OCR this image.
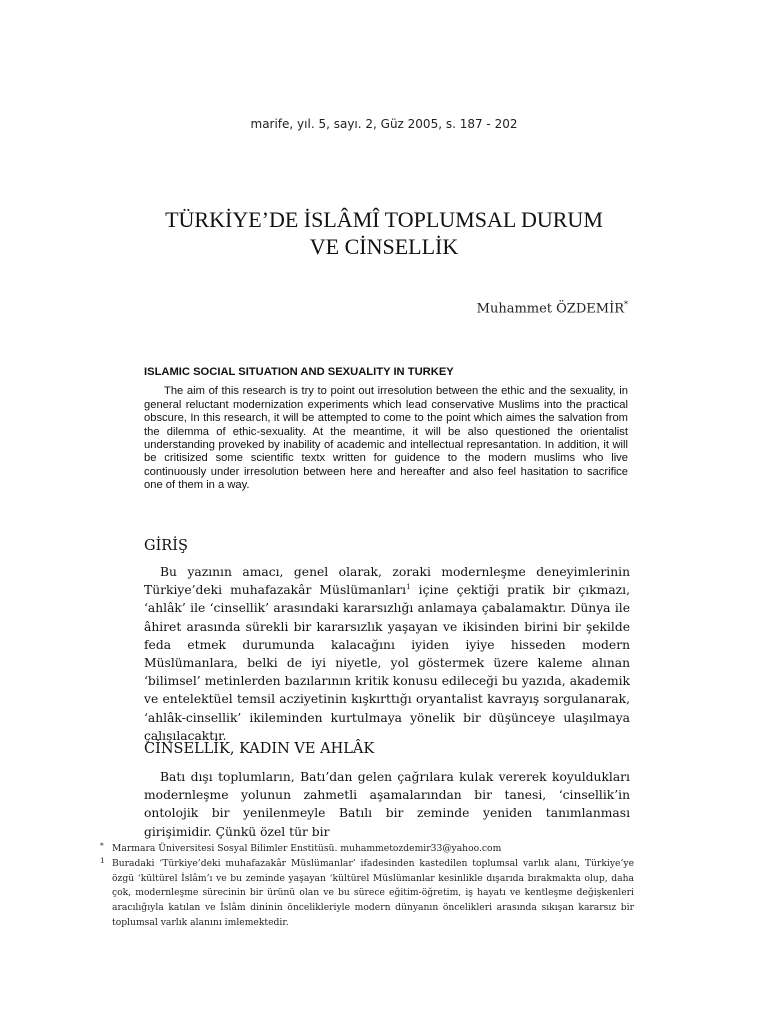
marife, yıl. 5, sayı. 2, Güz 2005, s. 187 - 202
TÜRKİYE’DE İSLÂMÎ TOPLUMSAL DURUM
VE CİNSELLİK
Muhammet ÖZDEMİR*
ISLAMIC SOCIAL SITUATION AND SEXUALITY IN TURKEY

The aim of this research is try to point out irresolution between the ethic and the sexuality, in general reluctant modernization experiments which lead conservative Muslims into the practical obscure, In this research, it will be attempted to come to the point which aimes the salvation from the dilemma of ethic-sexuality. At the meantime, it will be also questioned the orientalist understanding proveked by inability of academic and intellectual represantation. In addition, it will be critisized some scientific textx written for guidence to the modern muslims who live continuously under irresolution between here and hereafter and also feel hasitation to sacrifice one of them in a way.

GİRİŞ

Bu yazının amacı, genel olarak, zoraki modernleşme deneyimlerinin Türkiye’deki muhafazakâr Müslümanları$^1$ içine çektiği pratik bir çıkmazı, ‘ahlâk’ ile ‘cinsellik’ arasındaki kararsızlığı anlamaya çabalamaktır. Dünya ile âhiret arasında sürekli bir kararsızlık yaşayan ve ikisinden birini bir şekilde feda etmek durumunda kalacağını iyiden iyiye hisseden modern Müslümanlara, belki de iyi niyetle, yol göstermek üzere kaleme alınan ‘bilimsel’ metinlerden bazılarının kritik konusu edileceği bu yazıda, akademik ve entelektüel temsil acziyetinin kışkırttığı oryantalist kavrayış sorgulanarak, ‘ahlâk-cinsellik’ ikileminden kurtulmaya yönelik bir düşünceye ulaşılmaya çalışılacaktır.

CİNSELLİK, KADIN VE AHLÂK

Batı dışı toplumların, Batı’dan gelen çağrılara kulak vererek koyuldukları modernleşme yolunun zahmetli aşamalarından bir tanesi, ‘cinsellik’in ontolojik bir yenilenmeyle Batılı bir zeminde yeniden tanımlanması girişimidir. Çünkü özel tür bir

* Marmara Üniversitesi Sosyal Bilimler Enstitüsü. muhammetozdemir33@yahoo.com

1 Buradaki ‘Türkiye’deki muhafazakâr Müslümanlar’ ifadesinden kastedilen toplumsal varlık alanı, Türkiye’ye özgü ‘kültürel İslâm’ı ve bu zeminde yaşayan ‘kültürel Müslümanlar kesinlikle dışarıda bırakmakta olup, daha çok, modernleşme sürecinin bir ürünü olan ve bu sürece eğitim-öğretim, iş hayatı ve kentleşme değişkenleri aracılığıyla katılan ve İslâm dininin öncelikleriyle modern dünyanın öncelikleri arasında sıkışan kararsız bir toplumsal varlık alanını imlemektedir.
